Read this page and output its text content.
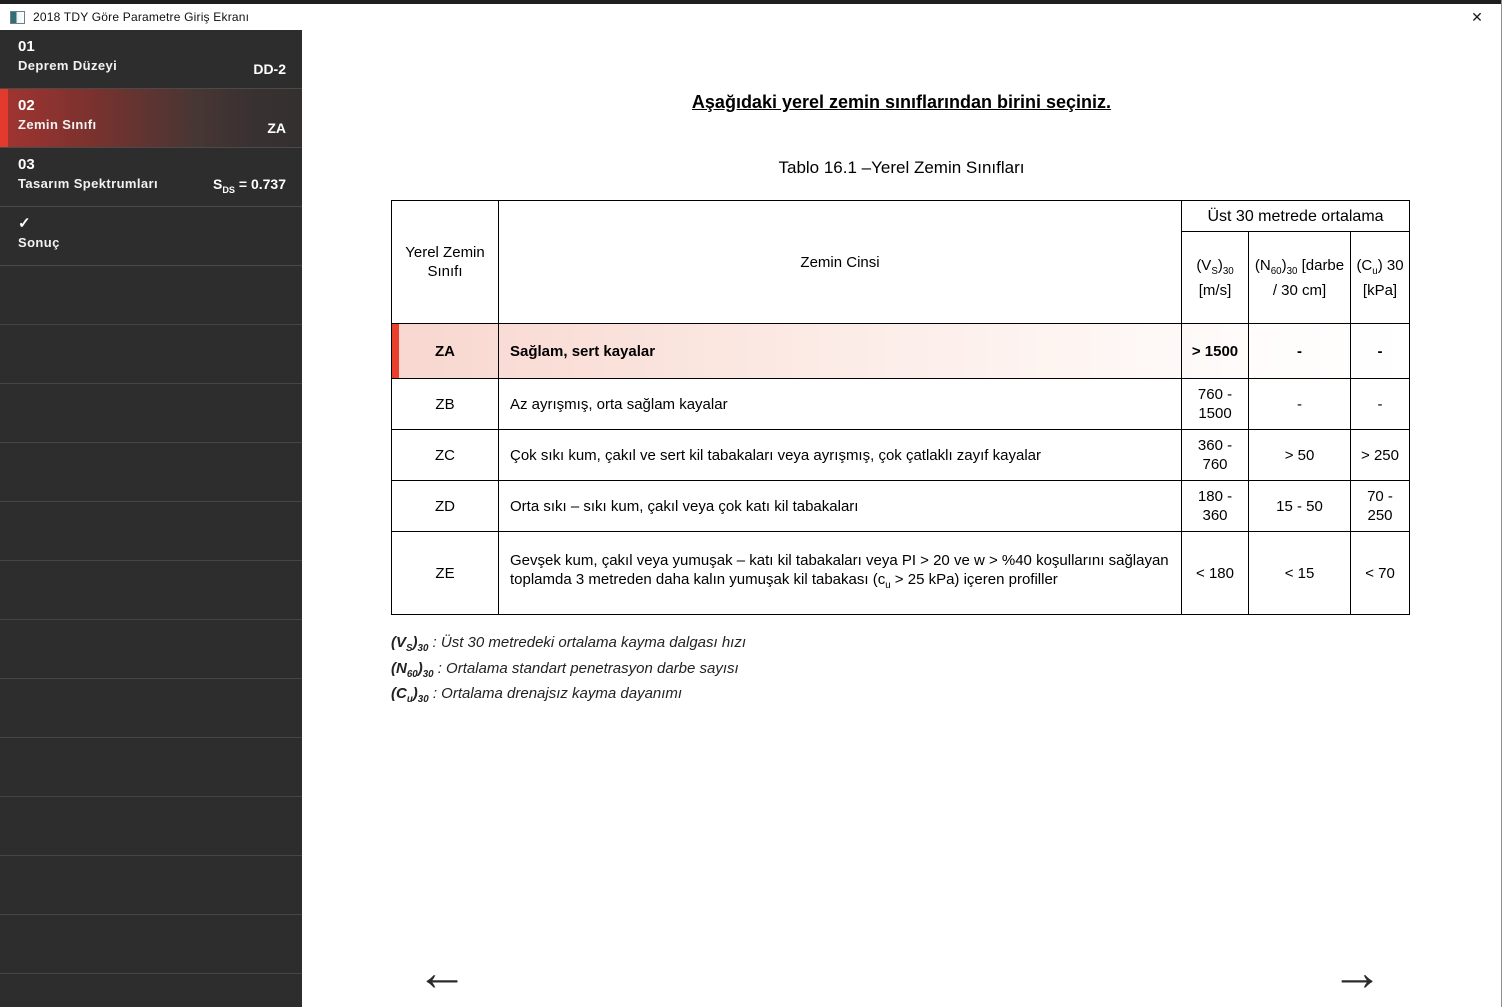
2018 TDY Göre Parametre Giriş Ekranı	✕
01
Deprem Düzeyi	DD-2
02
Zemin Sınıfı	ZA
03
Tasarım Spektrumları	$S_{DS} = 0.737$
✓
Sonuç
Aşağıdaki yerel zemin sınıflarından birini seçiniz.
Tablo 16.1 –Yerel Zemin Sınıfları
Yerel Zemin Sınıfı	Zemin Cinsi	Üst 30 metrede ortalama		
		$(V_S)_{30}$ [m/s]	$(N_{60})_{30}$ [darbe / 30 cm]	$(C_u)$ 30 [kPa]
ZA	Sağlam, sert kayalar	> 1500	-	-
ZB	Az ayrışmış, orta sağlam kayalar	760 - 1500	-	-
ZC	Çok sıkı kum, çakıl ve sert kil tabakaları veya ayrışmış, çok çatlaklı zayıf kayalar	360 - 760	> 50	> 250
ZD	Orta sıkı – sıkı kum, çakıl veya çok katı kil tabakaları	180 - 360	15 - 50	70 - 250
ZE	Gevşek kum, çakıl veya yumuşak – katı kil tabakaları veya PI > 20 ve w > %40 koşullarını sağlayan toplamda 3 metreden daha kalın yumuşak kil tabakası ($c_u > 25$ kPa) içeren profiller	< 180	< 15	< 70
$(V_S)_{30}$ : Üst 30 metredeki ortalama kayma dalgası hızı
$(N_{60})_{30}$ : Ortalama standart penetrasyon darbe sayısı
$(C_u)_{30}$ : Ortalama drenajsız kayma dayanımı
←	→
